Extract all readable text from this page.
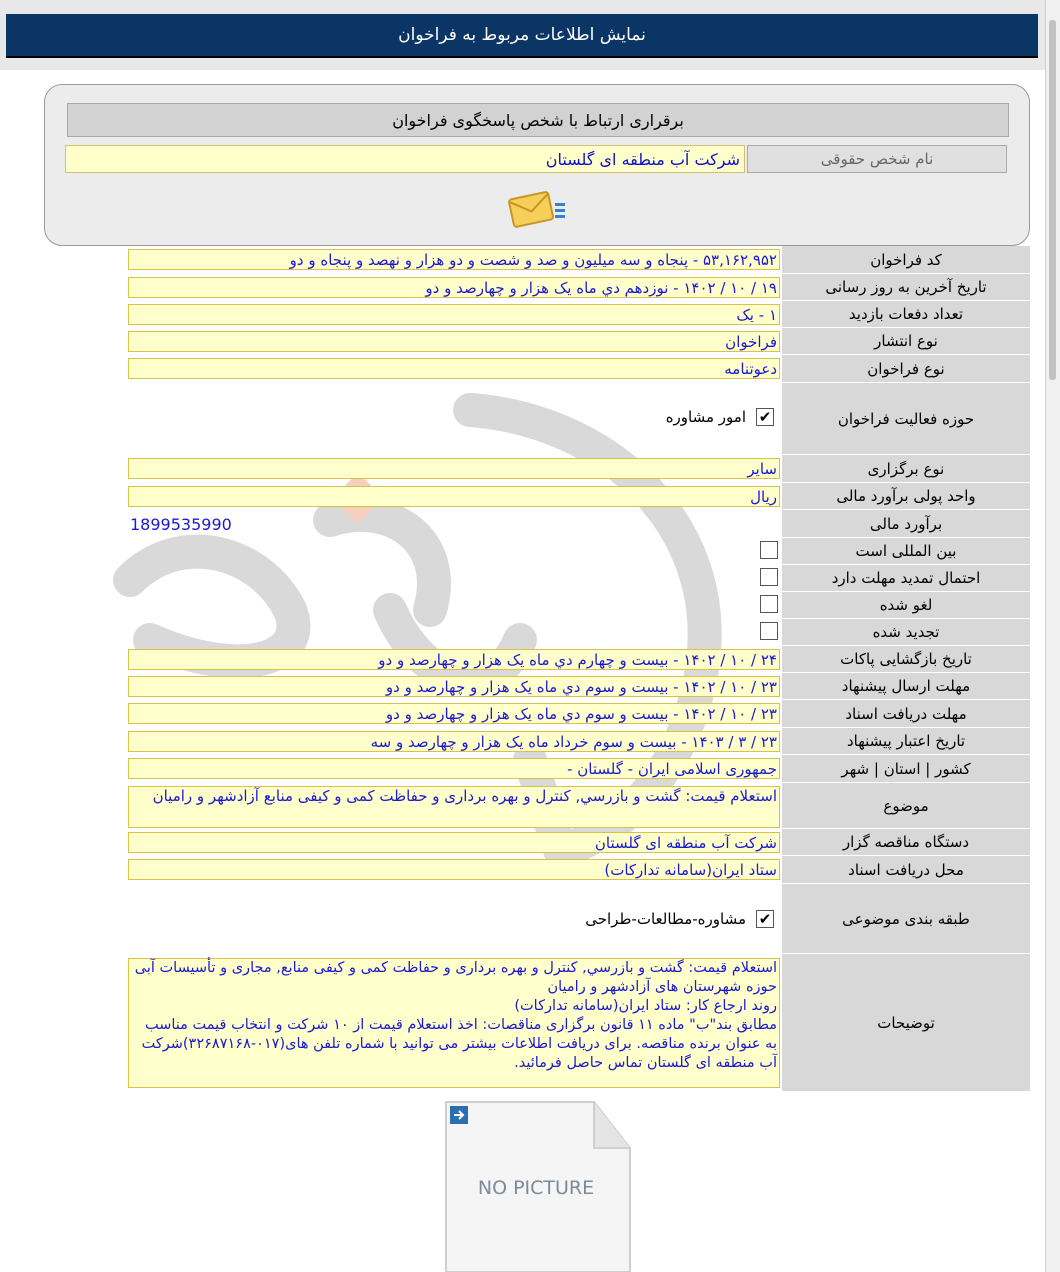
نمایش اطلاعات مربوط به فراخوان
برقراری ارتباط با شخص پاسخگوی فراخوان
نام شخص حقوقی
شرکت آب منطقه ای گلستان
کد فراخوان
۵۳,۱۶۲,۹۵۲ - پنجاه و سه میلیون و صد و شصت و دو هزار و نهصد و پنجاه و دو
تاریخ آخرین به روز رسانی
۱۹ / ۱۰ / ۱۴۰۲ - نوزدهم دي ماه یک هزار و چهارصد و دو
تعداد دفعات بازدید
۱ - یک
نوع انتشار
فراخوان
نوع فراخوان
دعوتنامه
حوزه فعالیت فراخوان
✔
امور مشاوره
نوع برگزاری
سایر
واحد پولی برآورد مالی
ریال
برآورد مالی
1899535990
بین المللی است
احتمال تمدید مهلت دارد
لغو شده
تجدید شده
تاریخ بازگشایی پاکات
۲۴ / ۱۰ / ۱۴۰۲ - بیست و چهارم دي ماه یک هزار و چهارصد و دو
مهلت ارسال پیشنهاد
۲۳ / ۱۰ / ۱۴۰۲ - بیست و سوم دي ماه یک هزار و چهارصد و دو
مهلت دریافت اسناد
۲۳ / ۱۰ / ۱۴۰۲ - بیست و سوم دي ماه یک هزار و چهارصد و دو
تاریخ اعتبار پیشنهاد
۲۳ / ۳ / ۱۴۰۳ - بیست و سوم خرداد ماه یک هزار و چهارصد و سه
کشور | استان | شهر
جمهوری اسلامی ایران - گلستان -
موضوع
استعلام قیمت: گشت و بازرسي, کنترل و بهره برداری و حفاظت کمی و کیفی منابع آزادشهر و رامیان
دستگاه مناقصه گزار
شرکت آب منطقه ای گلستان
محل دریافت اسناد
ستاد ایران(سامانه تدارکات)
طبقه بندی موضوعی
✔
مشاوره-مطالعات-طراحی
توضیحات
استعلام قیمت: گشت و بازرسي, کنترل و بهره برداری و حفاظت کمی و کیفی منابع, مجاری و تأسیسات آبی حوزه شهرستان های آزادشهر و رامیان
روند ارجاع کار: ستاد ایران(سامانه تدارکات)
مطابق بند"ب" ماده ۱۱ قانون برگزاری مناقصات: اخذ استعلام قیمت از ۱۰ شرکت و انتخاب قیمت مناسب به عنوان برنده مناقصه. برای دریافت اطلاعات بیشتر می توانید با شماره تلفن های(۰۱۷-۳۲۶۸۷۱۶۸)شرکت آب منطقه ای گلستان تماس حاصل فرمائید.
NO PICTURE
